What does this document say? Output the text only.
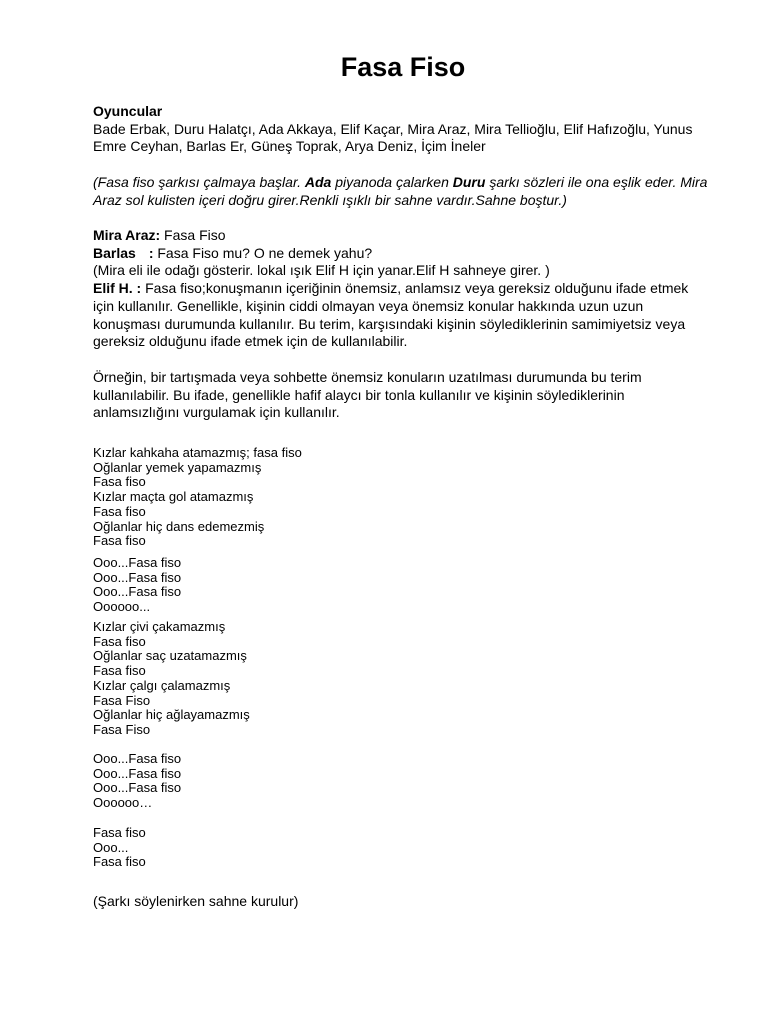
Fasa Fiso
Oyuncular
Bade Erbak, Duru Halatçı, Ada Akkaya, Elif Kaçar, Mira Araz, Mira Tellioğlu, Elif Hafızoğlu, Yunus Emre Ceyhan, Barlas Er, Güneş Toprak, Arya Deniz, İçim İneler
(Fasa fiso şarkısı çalmaya başlar. Ada piyanoda çalarken Duru şarkı sözleri ile ona eşlik eder. Mira Araz sol kulisten içeri doğru girer.Renkli ışıklı bir sahne vardır.Sahne boştur.)
Mira Araz: Fasa Fiso
Barlas : Fasa Fiso mu? O ne demek yahu?
(Mira eli ile odağı gösterir. lokal ışık Elif H için yanar.Elif H sahneye girer. )
Elif H. : Fasa fiso;konuşmanın içeriğinin önemsiz, anlamsız veya gereksiz olduğunu ifade etmek için kullanılır. Genellikle, kişinin ciddi olmayan veya önemsiz konular hakkında uzun uzun konuşması durumunda kullanılır. Bu terim, karşısındaki kişinin söylediklerinin samimiyetsiz veya gereksiz olduğunu ifade etmek için de kullanılabilir.
Örneğin, bir tartışmada veya sohbette önemsiz konuların uzatılması durumunda bu terim kullanılabilir. Bu ifade, genellikle hafif alaycı bir tonla kullanılır ve kişinin söylediklerinin anlamsızlığını vurgulamak için kullanılır.
Kızlar kahkaha atamazmış; fasa fiso
Oğlanlar yemek yapamazmış
Fasa fiso
Kızlar maçta gol atamazmış
Fasa fiso
Oğlanlar hiç dans edemezmiş
Fasa fiso
Ooo...Fasa fiso
Ooo...Fasa fiso
Ooo...Fasa fiso
Oooooo...
Kızlar çivi çakamazmış
Fasa fiso
Oğlanlar saç uzatamazmış
Fasa fiso
Kızlar çalgı çalamazmış
Fasa Fiso
Oğlanlar hiç ağlayamazmış
Fasa Fiso
Ooo...Fasa fiso
Ooo...Fasa fiso
Ooo...Fasa fiso
Oooooo…
Fasa fiso
Ooo...
Fasa fiso
(Şarkı söylenirken sahne kurulur)
